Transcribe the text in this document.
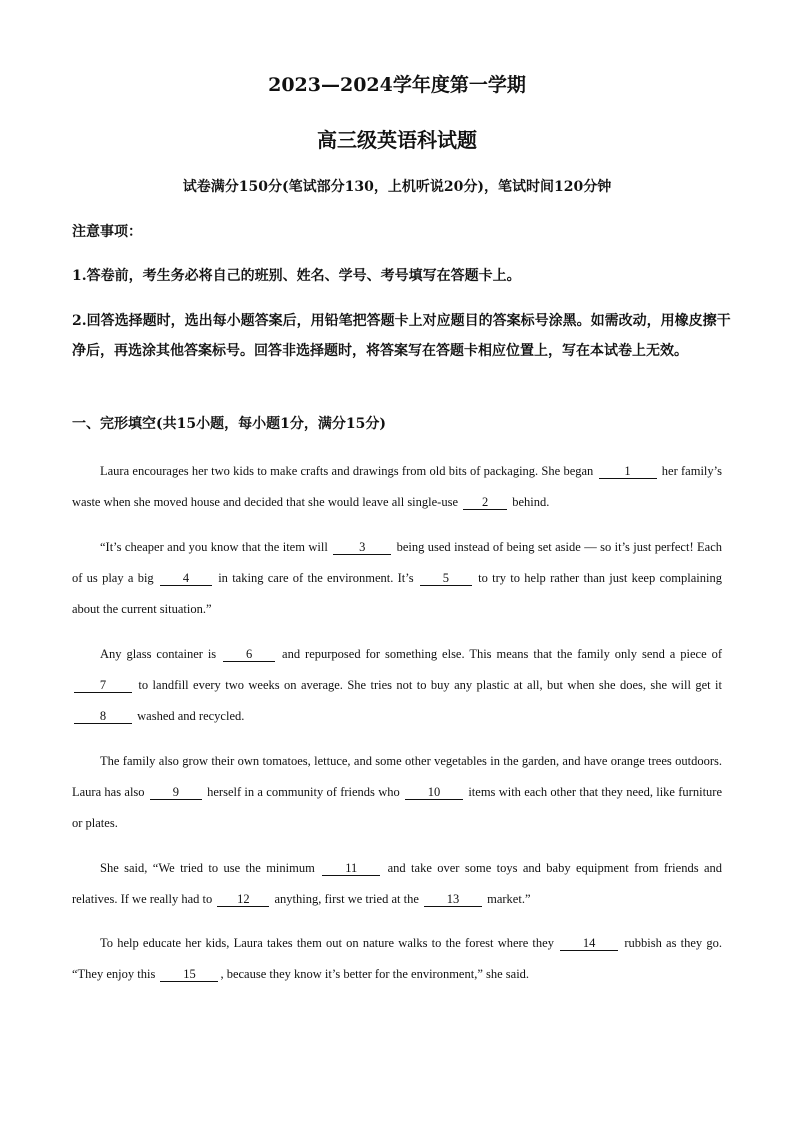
2023—2024学年度第一学期
高三级英语科试题
试卷满分150分(笔试部分130，上机听说20分)，笔试时间120分钟
注意事项：
1.答卷前，考生务必将自己的班别、姓名、学号、考号填写在答题卡上。
2.回答选择题时，选出每小题答案后，用铅笔把答题卡上对应题目的答案标号涂黑。如需改动，用橡皮擦干净后，再选涂其他答案标号。回答非选择题时，将答案写在答题卡相应位置上，写在本试卷上无效。
一、完形填空(共15小题，每小题1分，满分15分)
Laura encourages her two kids to make crafts and drawings from old bits of packaging. She began 1 her family’s waste when she moved house and decided that she would leave all single-use 2 behind.
“It’s cheaper and you know that the item will 3 being used instead of being set aside — so it’s just perfect! Each of us play a big 4 in taking care of the environment. It’s 5 to try to help rather than just keep complaining about the current situation.”
Any glass container is 6 and repurposed for something else. This means that the family only send a piece of 7 to landfill every two weeks on average. She tries not to buy any plastic at all, but when she does, she will get it 8 washed and recycled.
The family also grow their own tomatoes, lettuce, and some other vegetables in the garden, and have orange trees outdoors. Laura has also 9 herself in a community of friends who 10 items with each other that they need, like furniture or plates.
She said, “We tried to use the minimum 11 and take over some toys and baby equipment from friends and relatives. If we really had to 12 anything, first we tried at the 13 market.”
To help educate her kids, Laura takes them out on nature walks to the forest where they 14 rubbish as they go. “They enjoy this 15 , because they know it’s better for the environment,” she said.
